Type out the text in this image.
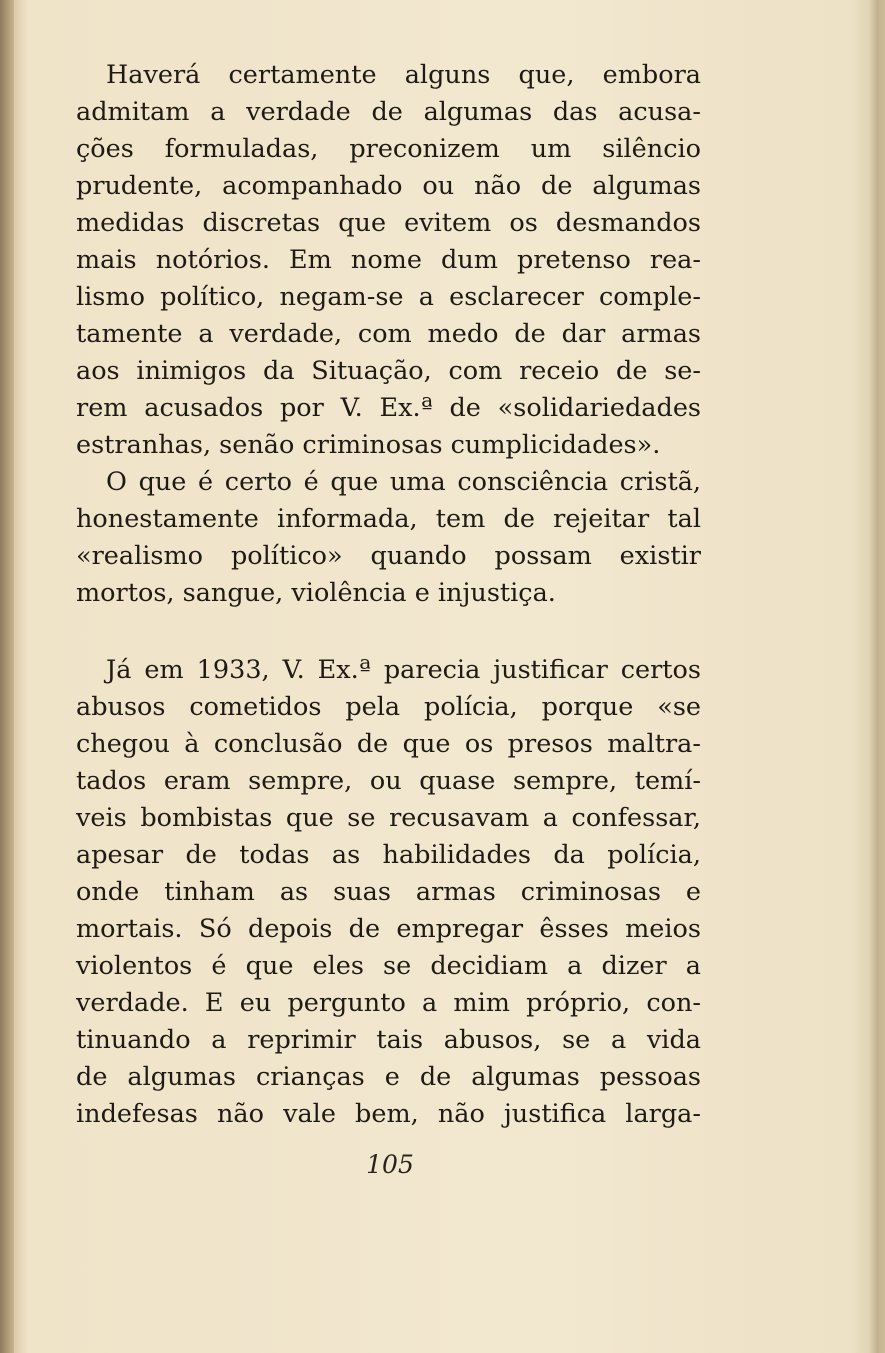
Haverá certamente alguns que, embora
admitam a verdade de algumas das acusa-
ções formuladas, preconizem um silêncio
prudente, acompanhado ou não de algumas
medidas discretas que evitem os desmandos
mais notórios. Em nome dum pretenso rea-
lismo político, negam-se a esclarecer comple-
tamente a verdade, com medo de dar armas
aos inimigos da Situação, com receio de se-
rem acusados por V. Ex.ª de «solidariedades
estranhas, senão criminosas cumplicidades».
O que é certo é que uma consciência cristã,
honestamente informada, tem de rejeitar tal
«realismo político» quando possam existir
mortos, sangue, violência e injustiça.
Já em 1933, V. Ex.ª parecia justificar certos
abusos cometidos pela polícia, porque «se
chegou à conclusão de que os presos maltra-
tados eram sempre, ou quase sempre, temí-
veis bombistas que se recusavam a confessar,
apesar de todas as habilidades da polícia,
onde tinham as suas armas criminosas e
mortais. Só depois de empregar êsses meios
violentos é que eles se decidiam a dizer a
verdade. E eu pergunto a mim próprio, con-
tinuando a reprimir tais abusos, se a vida
de algumas crianças e de algumas pessoas
indefesas não vale bem, não justifica larga-
105
